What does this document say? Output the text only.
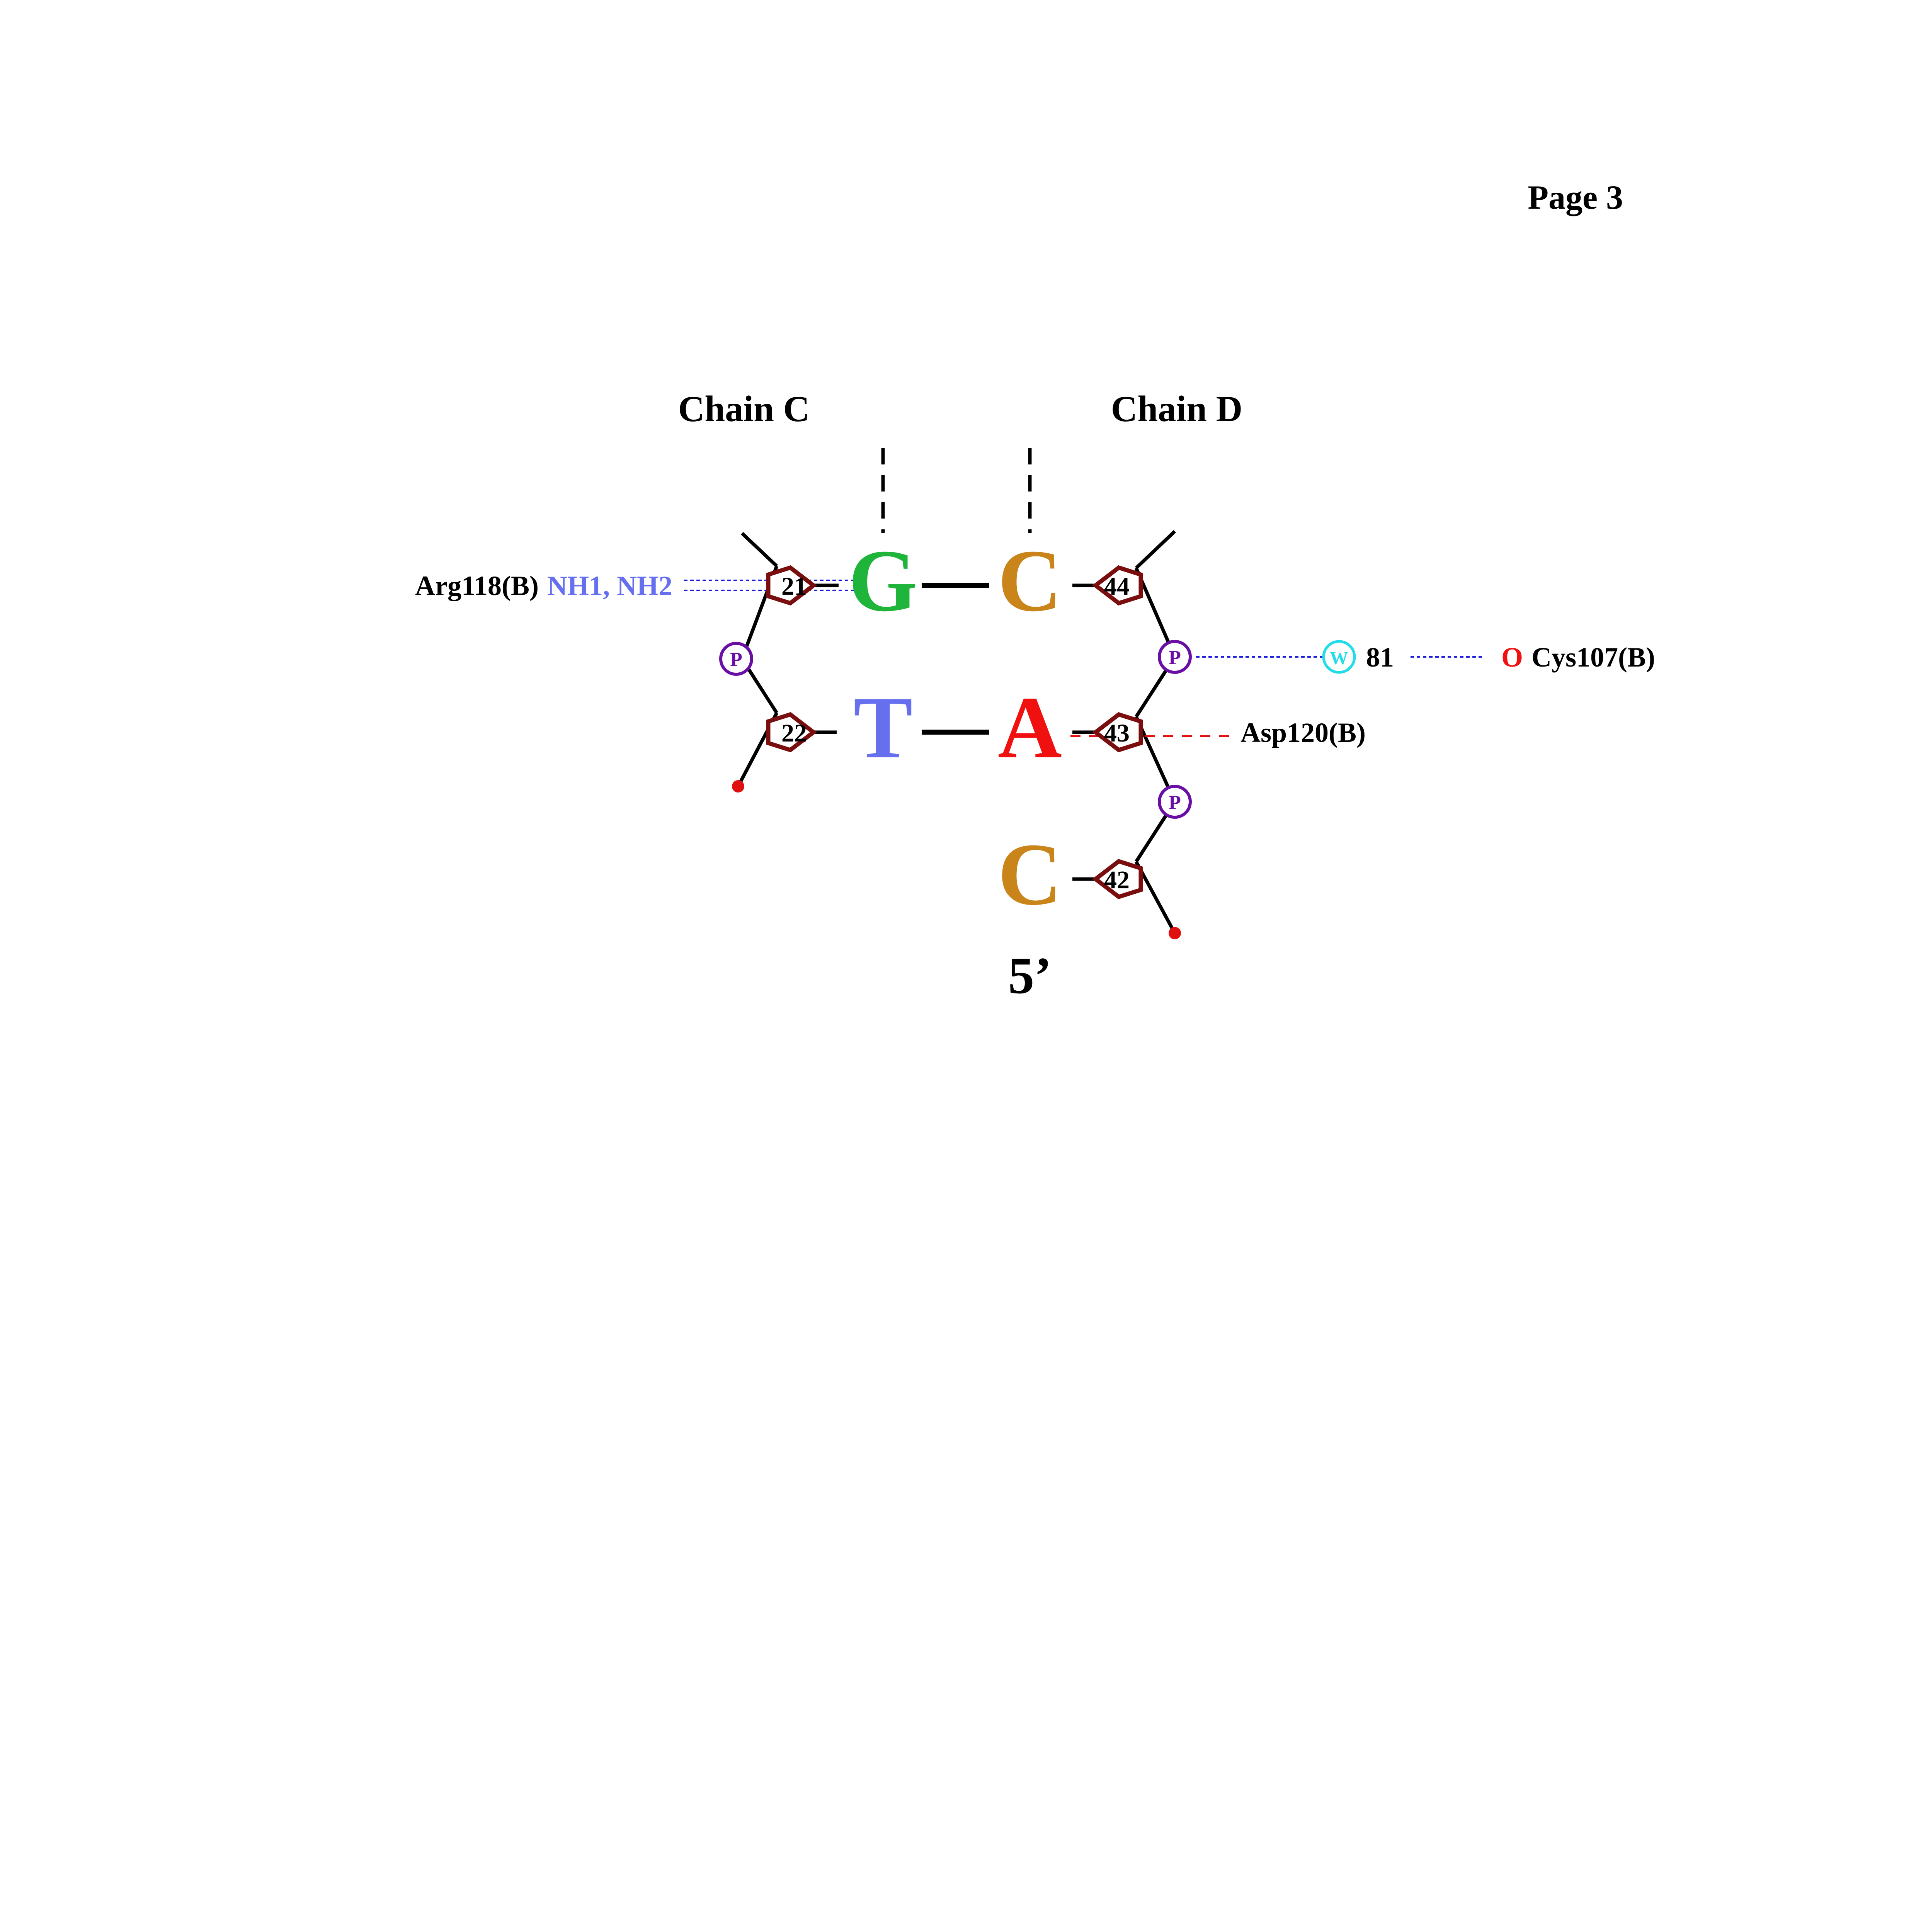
Page 3
Chain C	Chain D
21
22
44
43
42
P	P
P
G
T
C
A
C
5’
Arg118(B) NH1, NH2
W 81	O Cys107(B)
Asp120(B)
